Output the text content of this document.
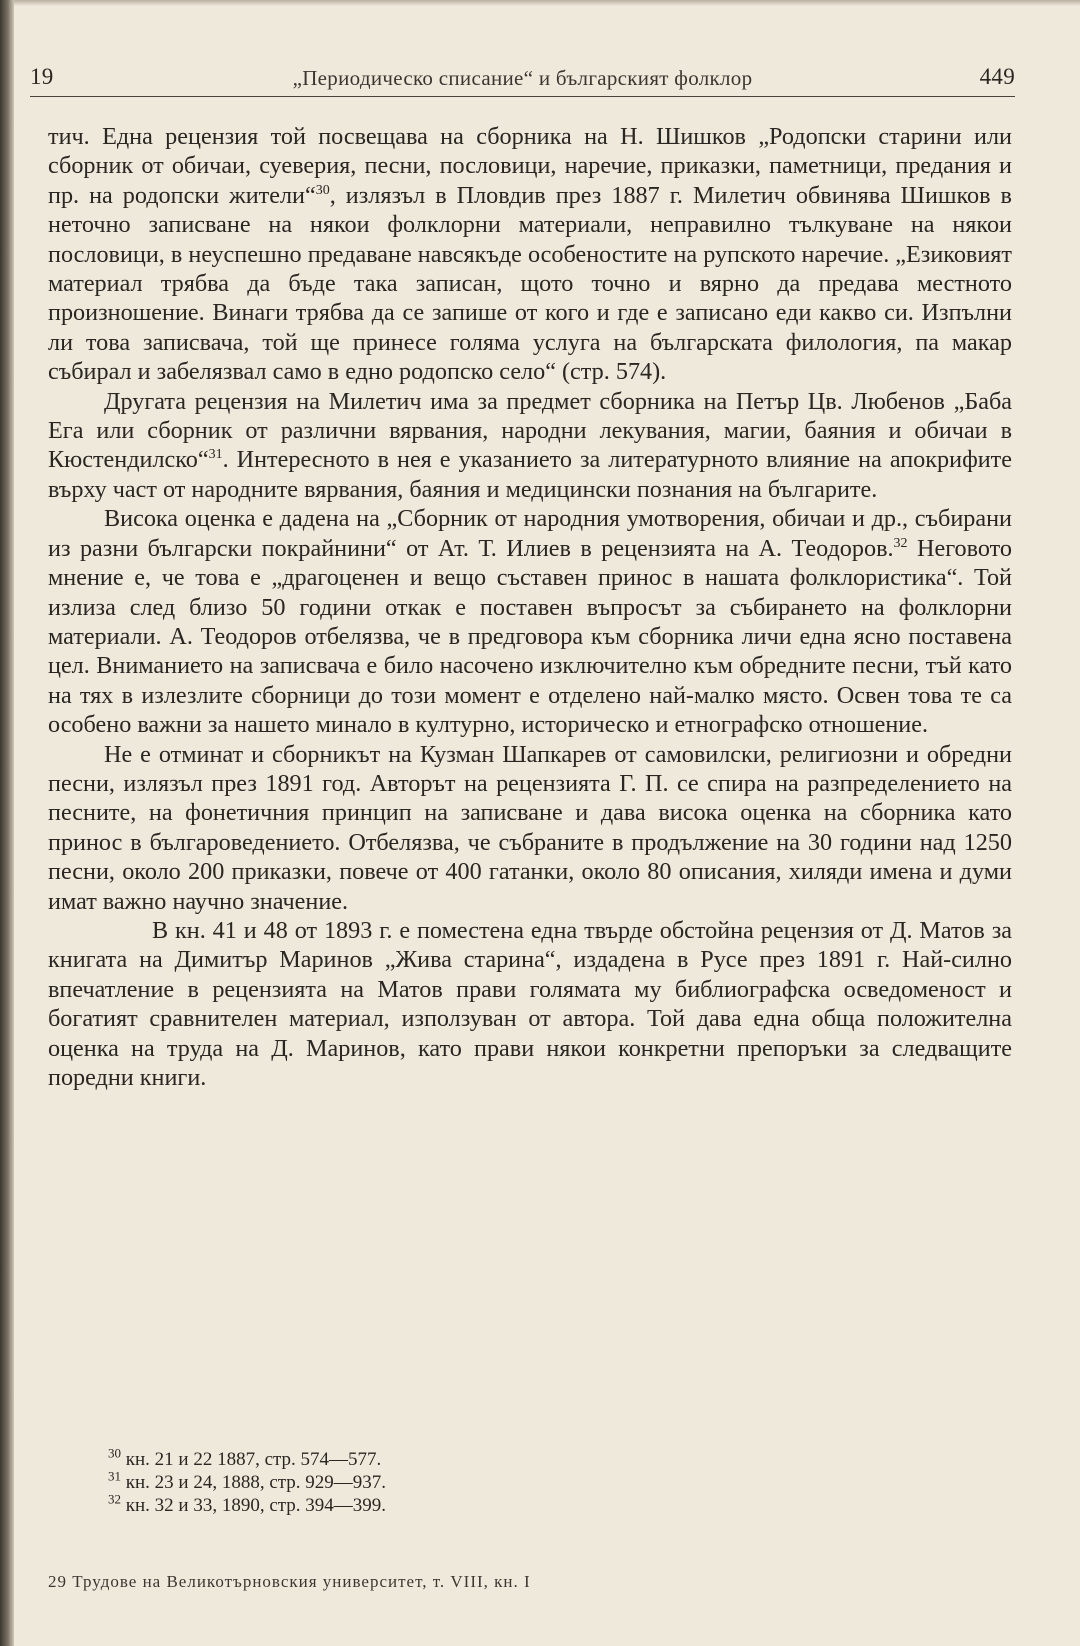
19	„Периодическо списание“ и българският фолклор	449

тич. Една рецензия той посвещава на сборника на Н. Шишков „Родопски старини или сборник от обичаи, суеверия, песни, пословици, наречие, приказки, паметници, предания и пр. на родопски жители“$^{30}$, излязъл в Пловдив през 1887 г. Милетич обвинява Шишков в неточно записване на някои фолклорни материали, неправилно тълкуване на някои пословици, в неуспешно предаване навсякъде особеностите на рупското наречие. „Езиковият материал трябва да бъде така записан, щото точно и вярно да предава местното произношение. Винаги трябва да се запише от кого и где е записано еди какво си. Изпълни ли това записвача, той ще принесе голяма услуга на българската филология, па макар събирал и забелязвал само в едно родопско село“ (стр. 574).

Другата рецензия на Милетич има за предмет сборника на Петър Цв. Любенов „Баба Ега или сборник от различни вярвания, народни лекувания, магии, баяния и обичаи в Кюстендилско“$^{31}$. Интересното в нея е указанието за литературното влияние на апокрифите върху част от народните вярвания, баяния и медицински познания на българите.

Висока оценка е дадена на „Сборник от народния умотворения, обичаи и др., събирани из разни български покрайнини“ от Ат. Т. Илиев в рецензията на А. Теодоров.$^{32}$ Неговото мнение е, че това е „драгоценен и вещо съставен принос в нашата фолклористика“. Той излиза след близо 50 години откак е поставен въпросът за събирането на фолклорни материали. А. Теодоров отбелязва, че в предговора към сборника личи една ясно поставена цел. Вниманието на записвача е било насочено изключително към обредните песни, тъй като на тях в излезлите сборници до този момент е отделено най-малко място. Освен това те са особено важни за нашето минало в културно, историческо и етнографско отношение.

Не е отминат и сборникът на Кузман Шапкарев от самовилски, религиозни и обредни песни, излязъл през 1891 год. Авторът на рецензията Г. П. се спира на разпределението на песните, на фонетичния принцип на записване и дава висока оценка на сборника като принос в българоведението. Отбелязва, че събраните в продължение на 30 години над 1250 песни, около 200 приказки, повече от 400 гатанки, около 80 описания, хиляди имена и думи имат важно научно значение.

В кн. 41 и 48 от 1893 г. е поместена една твърде обстойна рецензия от Д. Матов за книгата на Димитър Маринов „Жива старина“, издадена в Русе през 1891 г. Най-силно впечатление в рецензията на Матов прави голямата му библиографска осведоменост и богатият сравнителен материал, използуван от автора. Той дава една обща положителна оценка на труда на Д. Маринов, като прави някои конкретни препоръки за следващите поредни книги.

$^{30}$ кн. 21 и 22 1887, стр. 574—577.
$^{31}$ кн. 23 и 24, 1888, стр. 929—937.
$^{32}$ кн. 32 и 33, 1890, стр. 394—399.
29 Трудове на Великотърновския университет, т. VIII, кн. I
